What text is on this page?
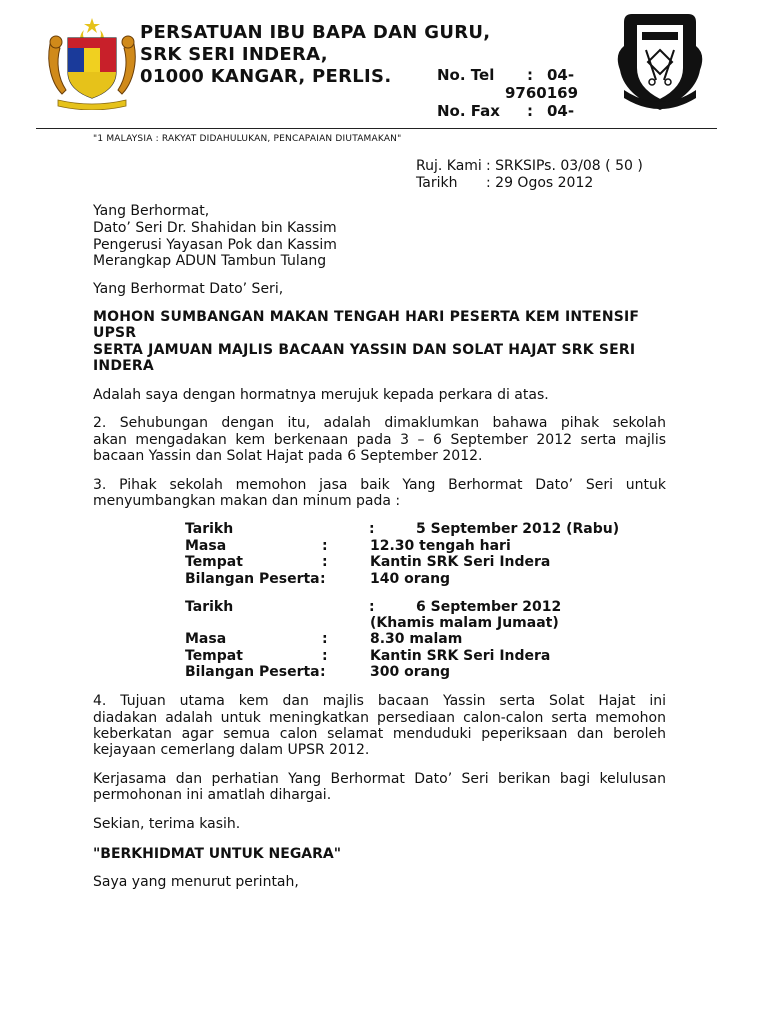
PERSATUAN IBU BAPA DAN GURU,
SRK SERI INDERA,
01000 KANGAR, PERLIS.	No. Tel : 04-
9760169
No. Fax : 04-
"1 MALAYSIA : RAKYAT DIDAHULUKAN, PENCAPAIAN DIUTAMAKAN"
Ruj. Kami : SRKSIPs. 03/08 ( 50 )
Tarikh : 29 Ogos 2012
Yang Berhormat,
Dato’ Seri Dr. Shahidan bin Kassim
Pengerusi Yayasan Pok dan Kassim
Merangkap ADUN Tambun Tulang
Yang Berhormat Dato’ Seri,
MOHON SUMBANGAN MAKAN TENGAH HARI PESERTA KEM INTENSIF
UPSR
SERTA JAMUAN MAJLIS BACAAN YASSIN DAN SOLAT HAJAT SRK SERI
INDERA
Adalah saya dengan hormatnya merujuk kepada perkara di atas.
2. Sehubungan dengan itu, adalah dimaklumkan bahawa pihak sekolah
akan mengadakan kem berkenaan pada 3 – 6 September 2012 serta majlis
bacaan Yassin dan Solat Hajat pada 6 September 2012.
3. Pihak sekolah memohon jasa baik Yang Berhormat Dato’ Seri untuk
menyumbangkan makan dan minum pada :
Tarikh	:	5 September 2012 (Rabu)
Masa	:	12.30 tengah hari
Tempat	:	Kantin SRK Seri Indera
Bilangan Peserta :	140 orang
Tarikh	:	6 September 2012
(Khamis malam Jumaat)
Masa	:	8.30 malam
Tempat	:	Kantin SRK Seri Indera
Bilangan Peserta :	300 orang
4. Tujuan utama kem dan majlis bacaan Yassin serta Solat Hajat ini
diadakan adalah untuk meningkatkan persediaan calon-calon serta memohon
keberkatan agar semua calon selamat menduduki peperiksaan dan beroleh
kejayaan cemerlang dalam UPSR 2012.
Kerjasama dan perhatian Yang Berhormat Dato’ Seri berikan bagi kelulusan
permohonan ini amatlah dihargai.
Sekian, terima kasih.
"BERKHIDMAT UNTUK NEGARA"
Saya yang menurut perintah,
